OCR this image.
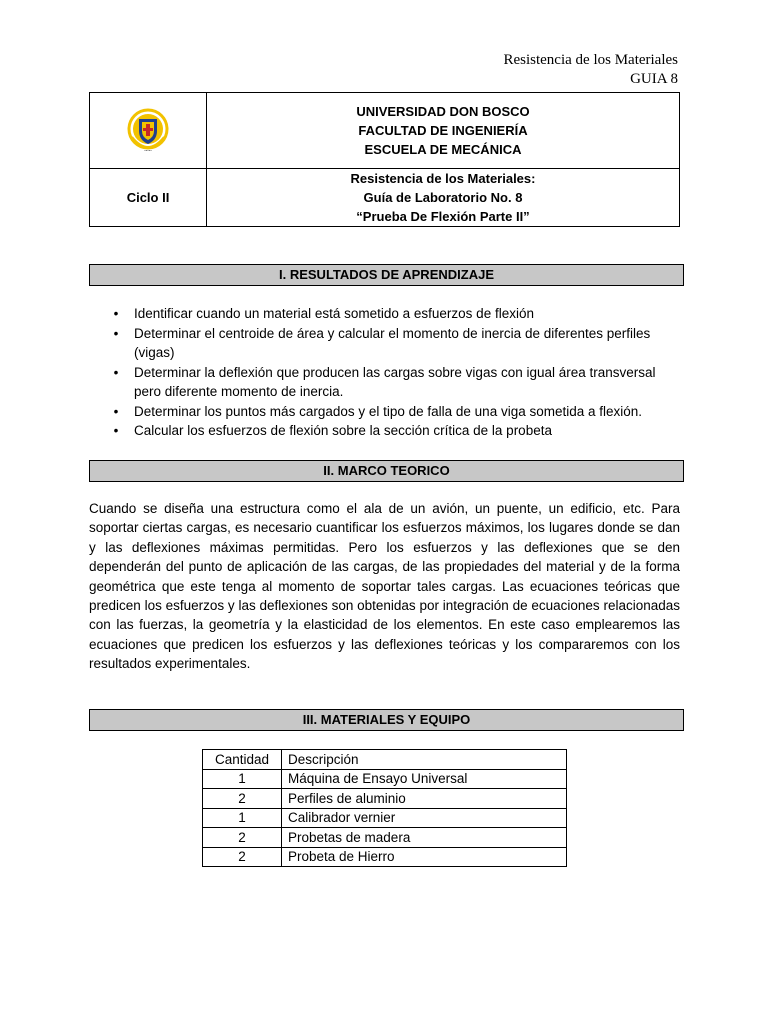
Resistencia de los Materiales
GUIA 8
·····	UNIVERSIDAD DON BOSCO
FACULTAD DE INGENIERÍA
ESCUELA DE MECÁNICA

Ciclo II	Resistencia de los Materiales:
Guía de Laboratorio No. 8
“Prueba De Flexión Parte II”
I. RESULTADOS DE APRENDIZAJE
• Identificar cuando un material está sometido a esfuerzos de flexión
• Determinar el centroide de área y calcular el momento de inercia de diferentes perfiles (vigas)
• Determinar la deflexión que producen las cargas sobre vigas con igual área transversal pero diferente momento de inercia.
• Determinar los puntos más cargados y el tipo de falla de una viga sometida a flexión.
• Calcular los esfuerzos de flexión sobre la sección crítica de la probeta
II. MARCO TEORICO

Cuando se diseña una estructura como el ala de un avión, un puente, un edificio, etc. Para soportar ciertas cargas, es necesario cuantificar los esfuerzos máximos, los lugares donde se dan y las deflexiones máximas permitidas. Pero los esfuerzos y las deflexiones que se den dependerán del punto de aplicación de las cargas, de las propiedades del material y de la forma geométrica que este tenga al momento de soportar tales cargas. Las ecuaciones teóricas que predicen los esfuerzos y las deflexiones son obtenidas por integración de ecuaciones relacionadas con las fuerzas, la geometría y la elasticidad de los elementos. En este caso emplearemos las ecuaciones que predicen los esfuerzos y las deflexiones teóricas y los compararemos con los resultados experimentales.

III. MATERIALES Y EQUIPO
Cantidad	Descripción
1	Máquina de Ensayo Universal
2	Perfiles de aluminio
1	Calibrador vernier
2	Probetas de madera
2	Probeta de Hierro
